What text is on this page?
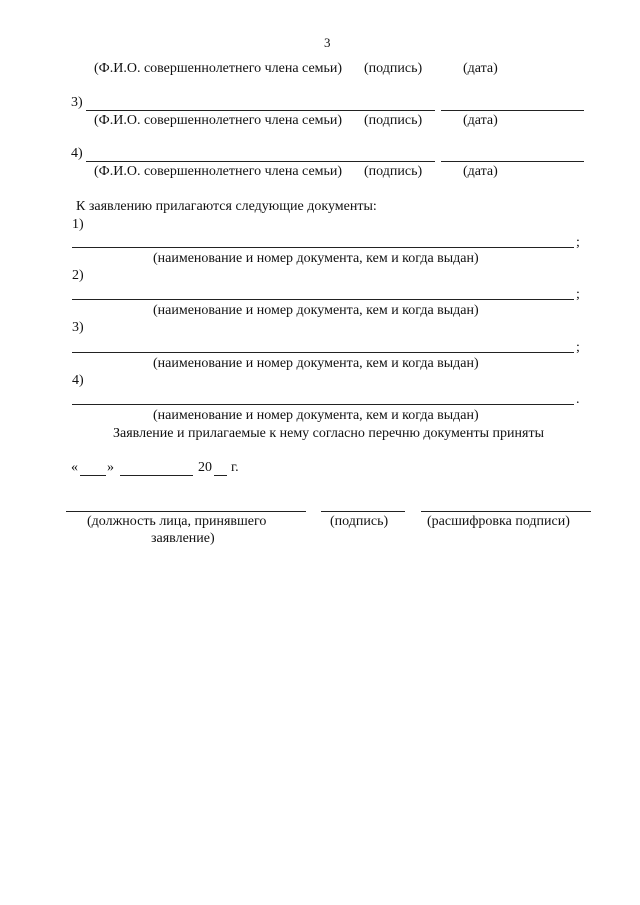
3
(Ф.И.О. совершеннолетнего члена семьи) (подпись)	(дата)
3)
(Ф.И.О. совершеннолетнего члена семьи) (подпись)	(дата)
4)
(Ф.И.О. совершеннолетнего члена семьи) (подпись)	(дата)
К заявлению прилагаются следующие документы:
1)
;
(наименование и номер документа, кем и когда выдан)
2)
;
(наименование и номер документа, кем и когда выдан)
3)
;
(наименование и номер документа, кем и когда выдан)
4)
.
(наименование и номер документа, кем и когда выдан)
Заявление и прилагаемые к нему согласно перечню документы приняты
« »	20 г.
(должность лица, принявшего
заявление)
(подпись)	(расшифровка подписи)
